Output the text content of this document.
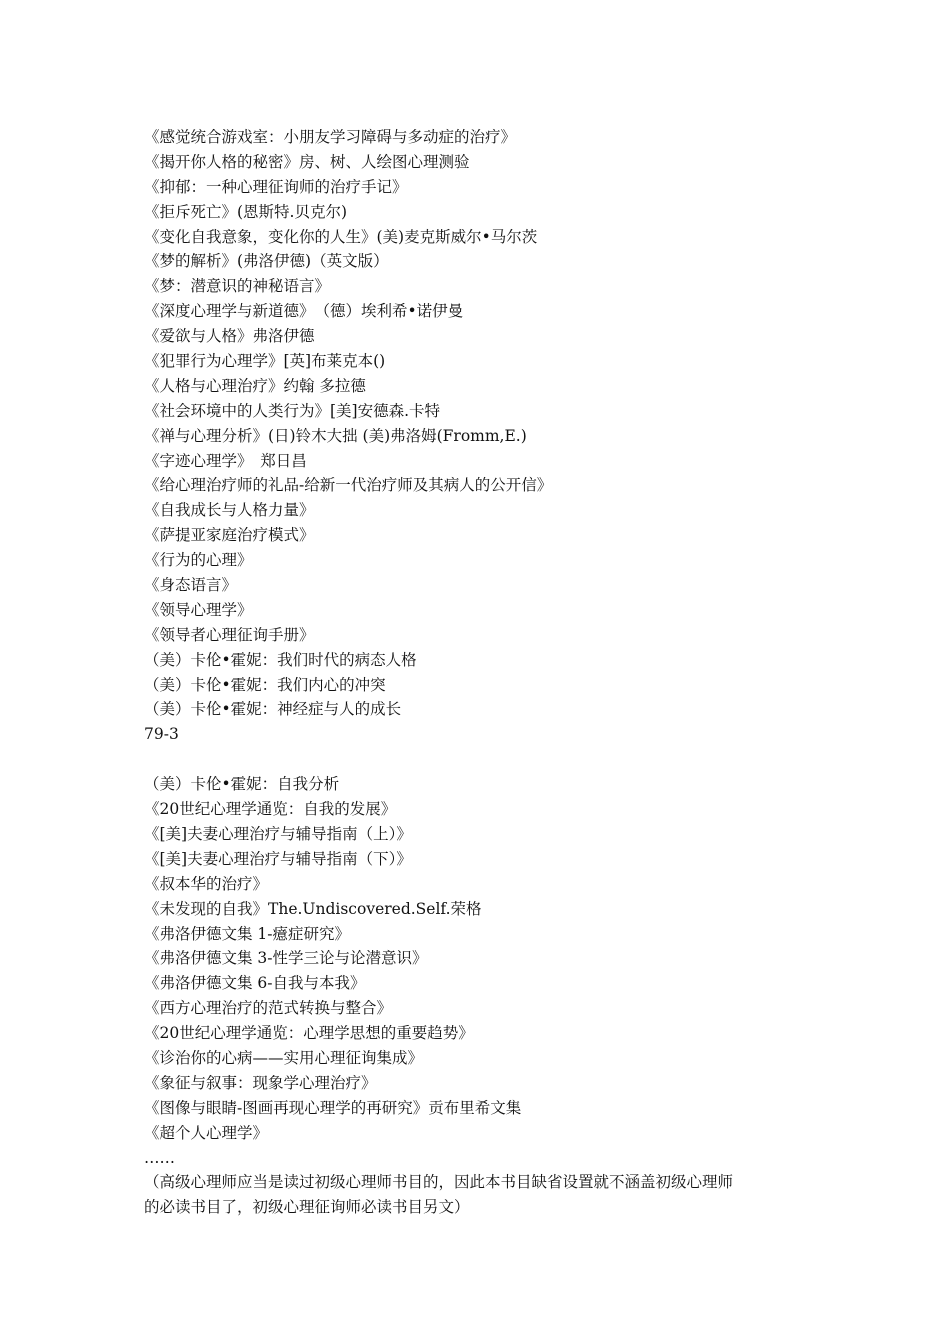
《感觉统合游戏室：小朋友学习障碍与多动症的治疗》
《揭开你人格的秘密》房、树、人绘图心理测验
《抑郁：一种心理征询师的治疗手记》
《拒斥死亡》(恩斯特.贝克尔)
《变化自我意象，变化你的人生》(美)麦克斯威尔•马尔茨
《梦的解析》(弗洛伊德)（英文版）
《梦：潜意识的神秘语言》
《深度心理学与新道德》　（德）埃利希•诺伊曼
《爱欲与人格》弗洛伊德
《犯罪行为心理学》[英]布莱克本()
《人格与心理治疗》约翰 多拉德
《社会环境中的人类行为》[美]安德森.卡特
《禅与心理分析》(日)铃木大拙 (美)弗洛姆(Fromm,E.)
《字迹心理学》　郑日昌
《给心理治疗师的礼品-给新一代治疗师及其病人的公开信》
《自我成长与人格力量》
《萨提亚家庭治疗模式》
《行为的心理》
《身态语言》
《领导心理学》
《领导者心理征询手册》
（美）卡伦•霍妮：我们时代的病态人格
（美）卡伦•霍妮：我们内心的冲突
（美）卡伦•霍妮：神经症与人的成长
79-3
（美）卡伦•霍妮：自我分析
《20世纪心理学通览：自我的发展》
《[美]夫妻心理治疗与辅导指南（上）》
《[美]夫妻心理治疗与辅导指南（下）》
《叔本华的治疗》
《未发现的自我》The.Undiscovered.Self.荣格
《弗洛伊德文集 1-癔症研究》
《弗洛伊德文集 3-性学三论与论潜意识》
《弗洛伊德文集 6-自我与本我》
《西方心理治疗的范式转换与整合》
《20世纪心理学通览：心理学思想的重要趋势》
《诊治你的心病——实用心理征询集成》
《象征与叙事：现象学心理治疗》
《图像与眼睛-图画再现心理学的再研究》贡布里希文集
《超个人心理学》
……
（高级心理师应当是读过初级心理师书目的，因此本书目缺省设置就不涵盖初级心理师的必读书目了，初级心理征询师必读书目另文）
